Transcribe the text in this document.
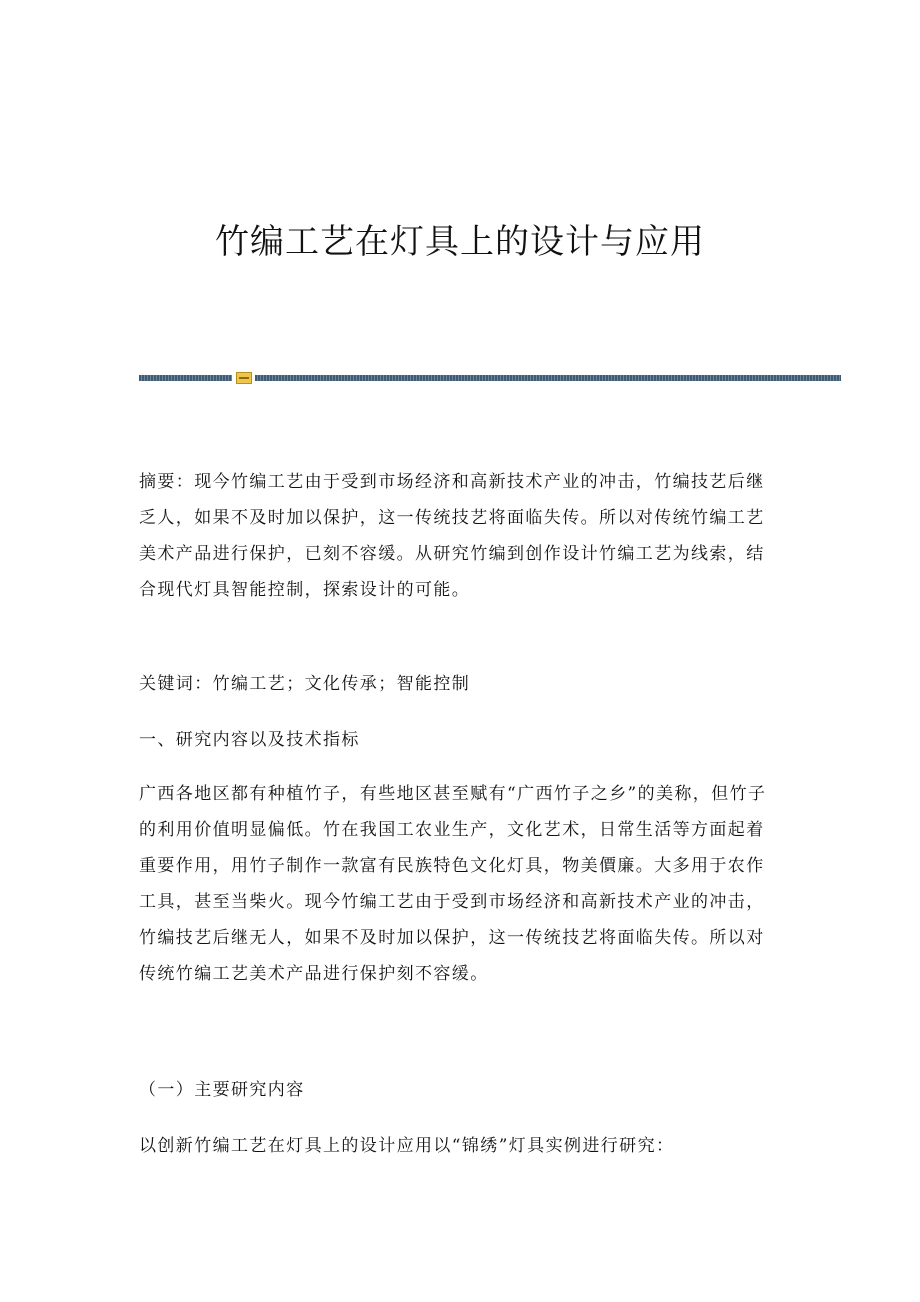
竹编工艺在灯具上的设计与应用

摘要：现今竹编工艺由于受到市场经济和高新技术产业的冲击，竹编技艺后继乏人，如果不及时加以保护，这一传统技艺将面临失传。所以对传统竹编工艺美术产品进行保护，已刻不容缓。从研究竹编到创作设计竹编工艺为线索，结合现代灯具智能控制，探索设计的可能。

关键词：竹编工艺；文化传承；智能控制

一、研究内容以及技术指标

广西各地区都有种植竹子，有些地区甚至赋有“广西竹子之乡”的美称，但竹子的利用价值明显偏低。竹在我国工农业生产，文化艺术，日常生活等方面起着重要作用，用竹子制作一款富有民族特色文化灯具，物美價廉。大多用于农作工具，甚至当柴火。现今竹编工艺由于受到市场经济和高新技术产业的冲击，竹编技艺后继无人，如果不及时加以保护，这一传统技艺将面临失传。所以对传统竹编工艺美术产品进行保护刻不容缓。

（一）主要研究内容

以创新竹编工艺在灯具上的设计应用以“锦绣”灯具实例进行研究：
